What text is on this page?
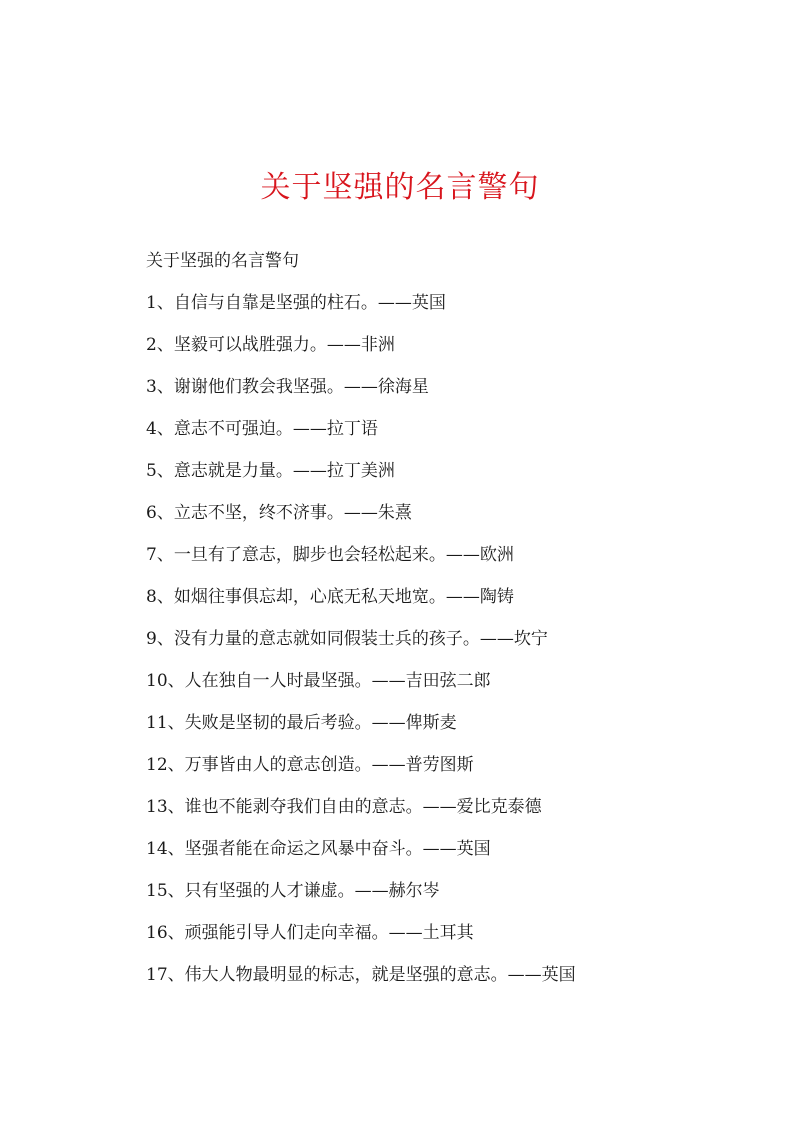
关于坚强的名言警句

关于坚强的名言警句

1、自信与自靠是坚强的柱石。——英国

2、坚毅可以战胜强力。——非洲

3、谢谢他们教会我坚强。——徐海星

4、意志不可强迫。——拉丁语

5、意志就是力量。——拉丁美洲

6、立志不坚，终不济事。——朱熹

7、一旦有了意志，脚步也会轻松起来。——欧洲

8、如烟往事俱忘却，心底无私天地宽。——陶铸

9、没有力量的意志就如同假装士兵的孩子。——坎宁

10、人在独自一人时最坚强。——吉田弦二郎

11、失败是坚韧的最后考验。——俾斯麦

12、万事皆由人的意志创造。——普劳图斯

13、谁也不能剥夺我们自由的意志。——爱比克泰德

14、坚强者能在命运之风暴中奋斗。——英国

15、只有坚强的人才谦虚。——赫尔岑

16、顽强能引导人们走向幸福。——土耳其

17、伟大人物最明显的标志，就是坚强的意志。——英国
